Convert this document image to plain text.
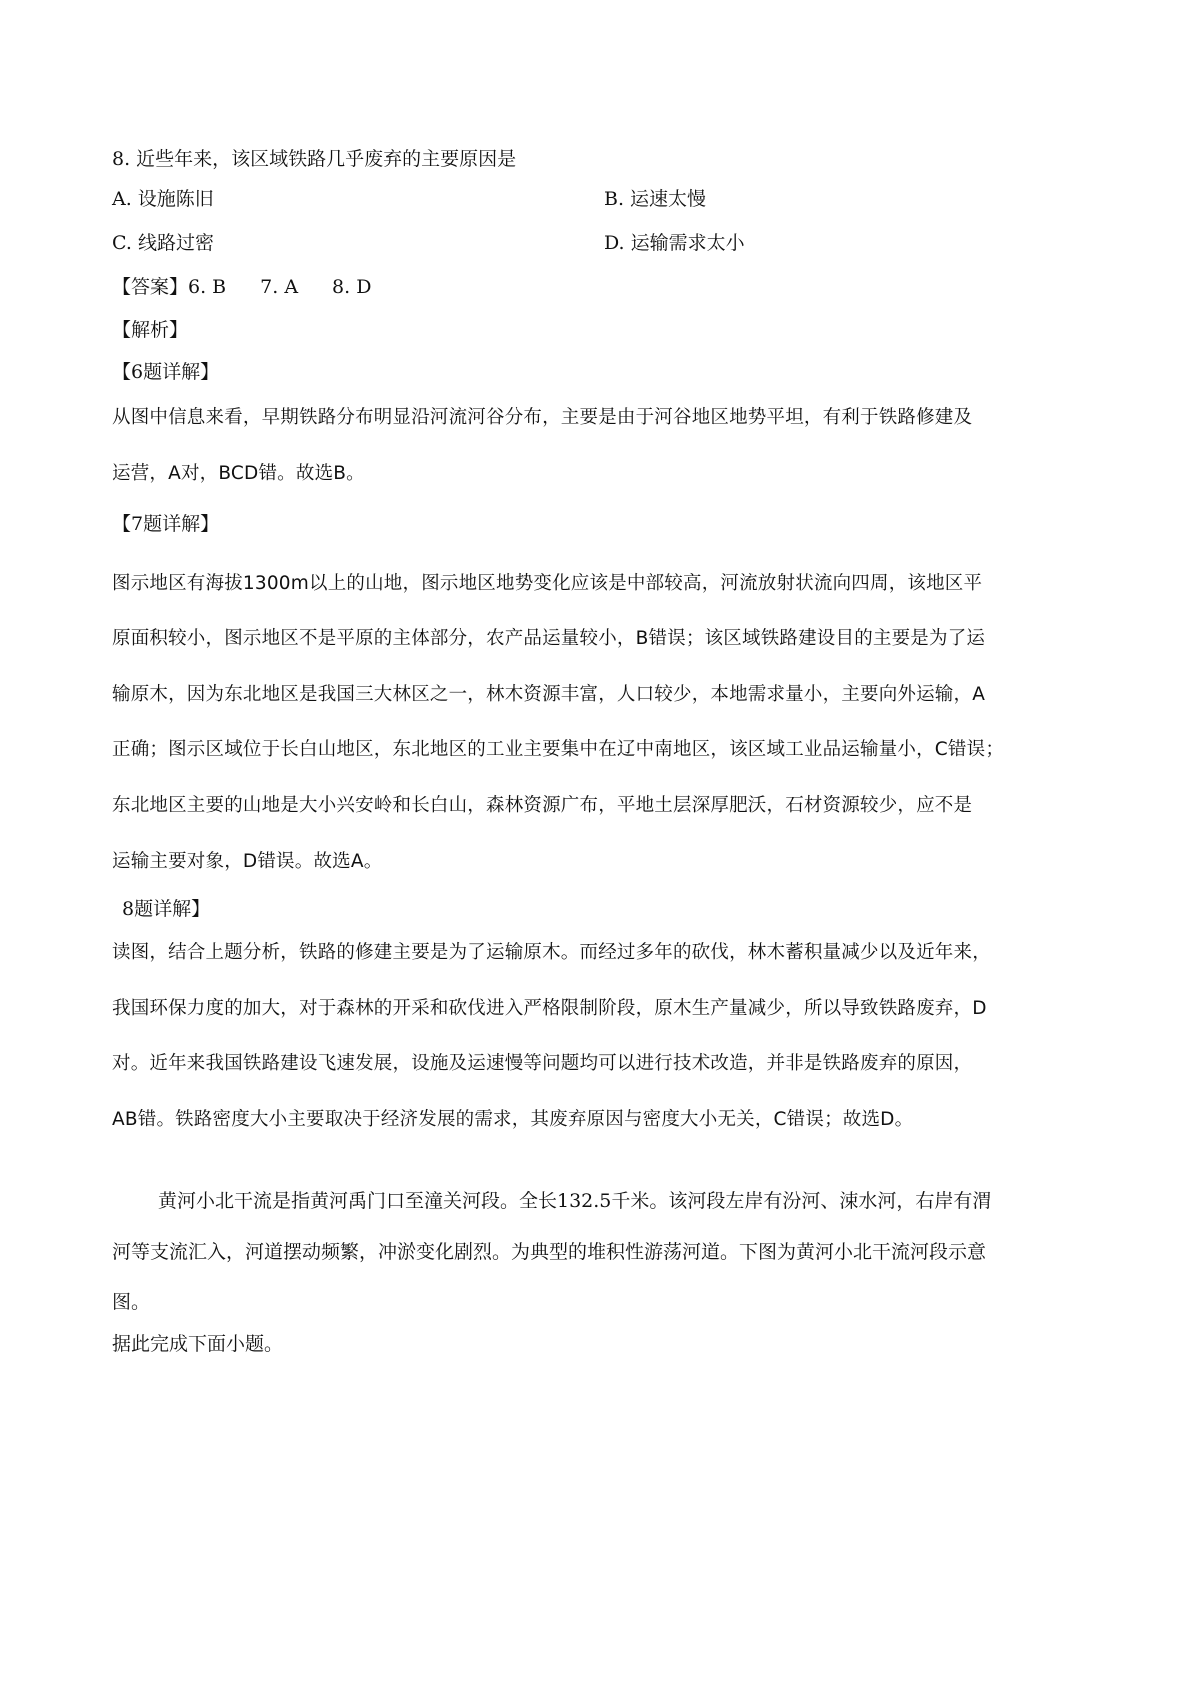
8. 近些年来，该区域铁路几乎废弃的主要原因是
A. 设施陈旧	B. 运速太慢
C. 线路过密	D. 运输需求太小
【答案】6. B 7. A 8. D
【解析】
【6题详解】
从图中信息来看，早期铁路分布明显沿河流河谷分布，主要是由于河谷地区地势平坦，有利于铁路修建及
运营，A对，BCD错。故选B。
【7题详解】
图示地区有海拔1300m以上的山地，图示地区地势变化应该是中部较高，河流放射状流向四周，该地区平
原面积较小，图示地区不是平原的主体部分，农产品运量较小，B错误；该区域铁路建设目的主要是为了运
输原木，因为东北地区是我国三大林区之一，林木资源丰富，人口较少，本地需求量小，主要向外运输，A
正确；图示区域位于长白山地区，东北地区的工业主要集中在辽中南地区，该区域工业品运输量小，C错误；
东北地区主要的山地是大小兴安岭和长白山，森林资源广布，平地土层深厚肥沃，石材资源较少，应不是
运输主要对象，D错误。故选A。
8题详解】
读图，结合上题分析，铁路的修建主要是为了运输原木。而经过多年的砍伐，林木蓄积量减少以及近年来，
我国环保力度的加大，对于森林的开采和砍伐进入严格限制阶段，原木生产量减少，所以导致铁路废弃，D
对。近年来我国铁路建设飞速发展，设施及运速慢等问题均可以进行技术改造，并非是铁路废弃的原因，
AB错。铁路密度大小主要取决于经济发展的需求，其废弃原因与密度大小无关，C错误；故选D。
黄河小北干流是指黄河禹门口至潼关河段。全长132.5千米。该河段左岸有汾河、涑水河，右岸有渭
河等支流汇入，河道摆动频繁，冲淤变化剧烈。为典型的堆积性游荡河道。下图为黄河小北干流河段示意
图。
据此完成下面小题。
